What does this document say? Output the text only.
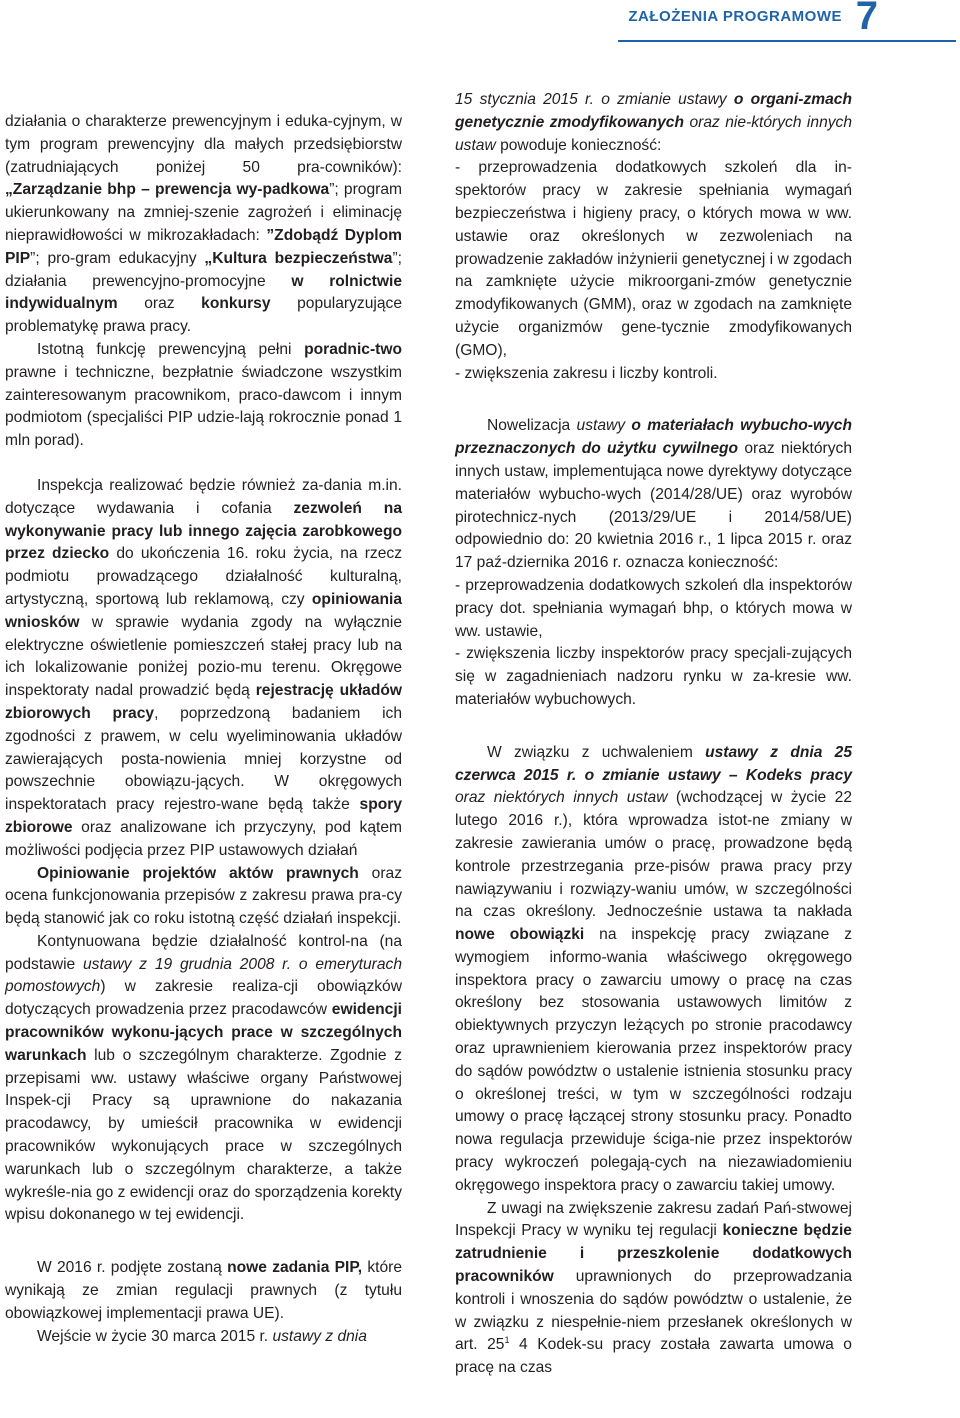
ZAŁOŻENIA PROGRAMOWE 7

działania o charakterze prewencyjnym i eduka-cyjnym, w tym program prewencyjny dla małych przedsiębiorstw (zatrudniających poniżej 50 pra-cowników): „Zarządzanie bhp – prewencja wy-padkowa”; program ukierunkowany na zmniej-szenie zagrożeń i eliminację nieprawidłowości w mikrozakładach: ”Zdobądź Dyplom PIP”; pro-gram edukacyjny „Kultura bezpieczeństwa”; działania prewencyjno-promocyjne w rolnictwie indywidualnym oraz konkursy popularyzujące problematykę prawa pracy.

Istotną funkcję prewencyjną pełni poradnic-two prawne i techniczne, bezpłatnie świadczone wszystkim zainteresowanym pracownikom, praco-dawcom i innym podmiotom (specjaliści PIP udzie-lają rokrocznie ponad 1 mln porad).

Inspekcja realizować będzie również za-dania m.in. dotyczące wydawania i cofania zezwoleń na wykonywanie pracy lub innego zajęcia zarobkowego przez dziecko do ukończenia 16. roku życia, na rzecz podmiotu prowadzącego działalność kulturalną, artystyczną, sportową lub reklamową, czy opiniowania wniosków w sprawie wydania zgody na wyłącznie elektryczne oświetlenie pomieszczeń stałej pracy lub na ich lokalizowanie poniżej pozio-mu terenu. Okręgowe inspektoraty nadal prowadzić będą rejestrację układów zbiorowych pracy, poprzedzoną badaniem ich zgodności z prawem, w celu wyeliminowania układów zawierających posta-nowienia mniej korzystne od powszechnie obowiązu-jących. W okręgowych inspektoratach pracy rejestro-wane będą także spory zbiorowe oraz analizowane ich przyczyny, pod kątem możliwości podjęcia przez PIP ustawowych działań

Opiniowanie projektów aktów prawnych oraz ocena funkcjonowania przepisów z zakresu prawa pra-cy będą stanowić jak co roku istotną część działań inspekcji.

Kontynuowana będzie działalność kontrol-na (na podstawie ustawy z 19 grudnia 2008 r. o emeryturach pomostowych) w zakresie realiza-cji obowiązków dotyczących prowadzenia przez pracodawców ewidencji pracowników wykonu-jących prace w szczególnych warunkach lub o szczególnym charakterze. Zgodnie z przepisami ww. ustawy właściwe organy Państwowej Inspek-cji Pracy są uprawnione do nakazania pracodawcy, by umieścił pracownika w ewidencji pracowników wykonujących prace w szczególnych warunkach lub o szczególnym charakterze, a także wykreśle-nia go z ewidencji oraz do sporządzenia korekty wpisu dokonanego w tej ewidencji.

W 2016 r. podjęte zostaną nowe zadania PIP, które wynikają ze zmian regulacji prawnych (z tytułu obowiązkowej implementacji prawa UE).

Wejście w życie 30 marca 2015 r. ustawy z dnia

15 stycznia 2015 r. o zmianie ustawy o organi-zmach genetycznie zmodyfikowanych oraz nie-których innych ustaw powoduje konieczność:

- przeprowadzenia dodatkowych szkoleń dla in-spektorów pracy w zakresie spełniania wymagań bezpieczeństwa i higieny pracy, o których mowa w ww. ustawie oraz określonych w zezwoleniach na prowadzenie zakładów inżynierii genetycznej i w zgodach na zamknięte użycie mikroorgani-zmów genetycznie zmodyfikowanych (GMM), oraz w zgodach na zamknięte użycie organizmów gene-tycznie zmodyfikowanych (GMO),

- zwiększenia zakresu i liczby kontroli.

Nowelizacja ustawy o materiałach wybucho-wych przeznaczonych do użytku cywilnego oraz niektórych innych ustaw, implementująca nowe dyrektywy dotyczące materiałów wybucho-wych (2014/28/UE) oraz wyrobów pirotechnicz-nych (2013/29/UE i 2014/58/UE) odpowiednio do: 20 kwietnia 2016 r., 1 lipca 2015 r. oraz 17 paź-dziernika 2016 r. oznacza konieczność:

- przeprowadzenia dodatkowych szkoleń dla inspektorów pracy dot. spełniania wymagań bhp, o których mowa w ww. ustawie,

- zwiększenia liczby inspektorów pracy specjali-zujących się w zagadnieniach nadzoru rynku w za-kresie ww. materiałów wybuchowych.

W związku z uchwaleniem ustawy z dnia 25 czerwca 2015 r. o zmianie ustawy – Kodeks pracy oraz niektórych innych ustaw (wchodzącej w życie 22 lutego 2016 r.), która wprowadza istot-ne zmiany w zakresie zawierania umów o pracę, prowadzone będą kontrole przestrzegania prze-pisów prawa pracy przy nawiązywaniu i rozwiązy-waniu umów, w szczególności na czas określony. Jednocześnie ustawa ta nakłada nowe obowiązki na inspekcję pracy związane z wymogiem informo-wania właściwego okręgowego inspektora pracy o zawarciu umowy o pracę na czas określony bez stosowania ustawowych limitów z obiektywnych przyczyn leżących po stronie pracodawcy oraz uprawnieniem kierowania przez inspektorów pracy do sądów powództw o ustalenie istnienia stosunku pracy o określonej treści, w tym w szczególności rodzaju umowy o pracę łączącej strony stosunku pracy. Ponadto nowa regulacja przewiduje ściga-nie przez inspektorów pracy wykroczeń polegają-cych na niezawiadomieniu okręgowego inspektora pracy o zawarciu takiej umowy.

Z uwagi na zwiększenie zakresu zadań Pań-stwowej Inspekcji Pracy w wyniku tej regulacji konieczne będzie zatrudnienie i przeszkolenie dodatkowych pracowników uprawnionych do przeprowadzania kontroli i wnoszenia do sądów powództw o ustalenie, że w związku z niespełnie-niem przesłanek określonych w art. $25^1$ 4 Kodek-su pracy została zawarta umowa o pracę na czas
